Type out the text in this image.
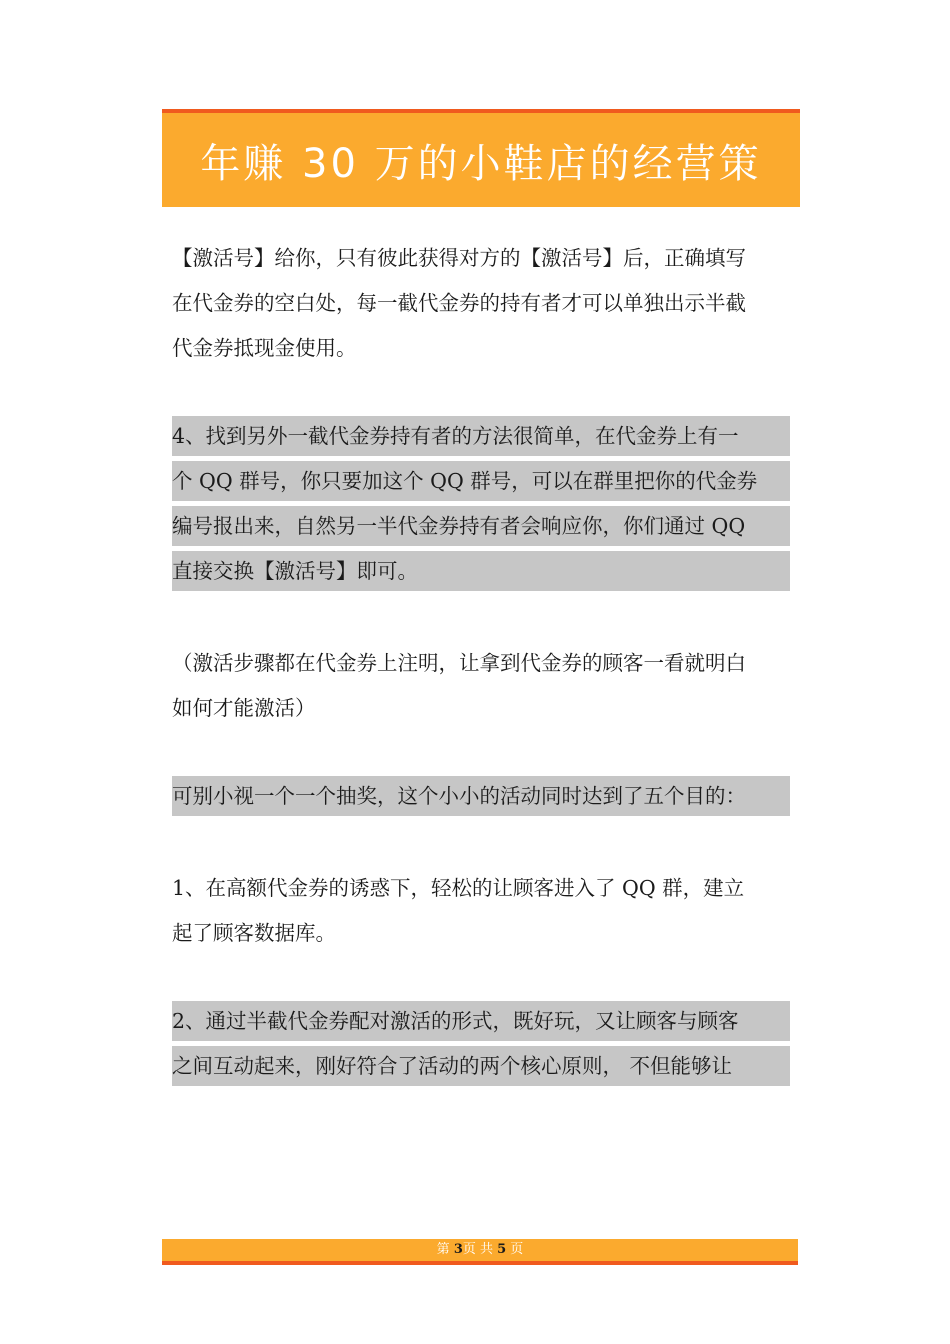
年赚 30 万的小鞋店的经营策

【激活号】给你，只有彼此获得对方的【激活号】后，正确填写
在代金券的空白处，每一截代金券的持有者才可以单独出示半截
代金券抵现金使用。

4、找到另外一截代金券持有者的方法很简单，在代金券上有一
个 QQ 群号，你只要加这个 QQ 群号，可以在群里把你的代金券
编号报出来，自然另一半代金券持有者会响应你，你们通过 QQ
直接交换【激活号】即可。

（激活步骤都在代金券上注明，让拿到代金券的顾客一看就明白
如何才能激活）

可别小视一个一个抽奖，这个小小的活动同时达到了五个目的：

1、在高额代金券的诱惑下，轻松的让顾客进入了 QQ 群，建立
起了顾客数据库。

2、通过半截代金券配对激活的形式，既好玩，又让顾客与顾客
之间互动起来，刚好符合了活动的两个核心原则， 不但能够让

第 3页 共 5 页
